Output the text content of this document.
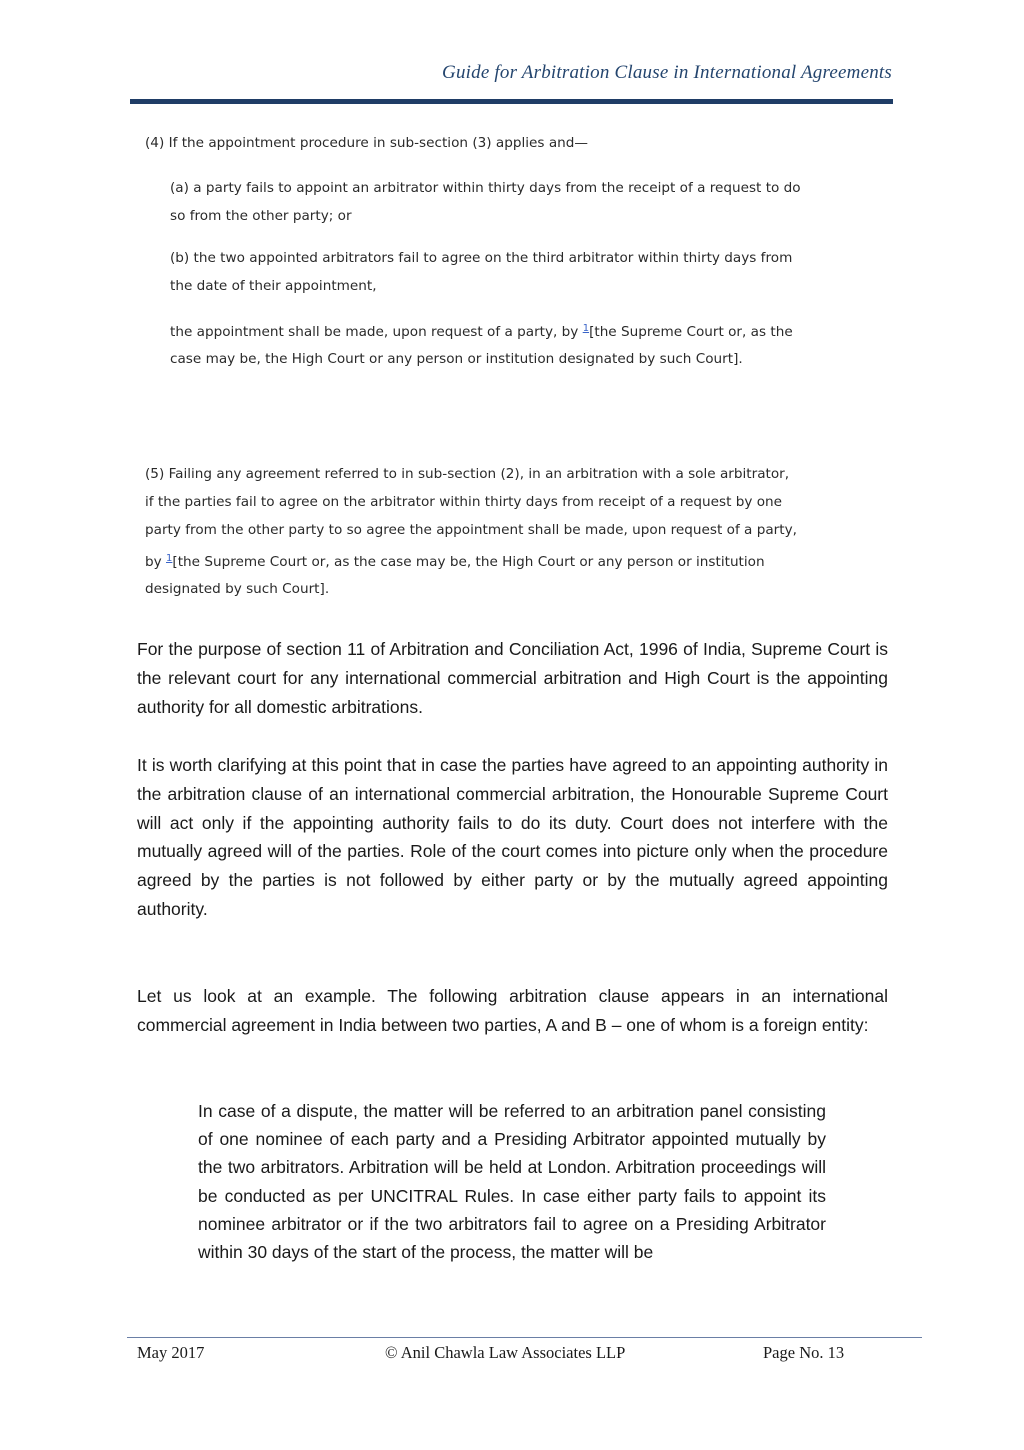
Guide for Arbitration Clause in International Agreements
(4) If the appointment procedure in sub-section (3) applies and—
(a) a party fails to appoint an arbitrator within thirty days from the receipt of a request to do
so from the other party; or
(b) the two appointed arbitrators fail to agree on the third arbitrator within thirty days from
the date of their appointment,
the appointment shall be made, upon request of a party, by $^1$[the Supreme Court or, as the
case may be, the High Court or any person or institution designated by such Court].
(5) Failing any agreement referred to in sub-section (2), in an arbitration with a sole arbitrator,
if the parties fail to agree on the arbitrator within thirty days from receipt of a request by one
party from the other party to so agree the appointment shall be made, upon request of a party,
by $^1$[the Supreme Court or, as the case may be, the High Court or any person or institution
designated by such Court].

For the purpose of section 11 of Arbitration and Conciliation Act, 1996 of India, Supreme Court is the relevant court for any international commercial arbitration and High Court is the appointing authority for all domestic arbitrations.

It is worth clarifying at this point that in case the parties have agreed to an appointing authority in the arbitration clause of an international commercial arbitration, the Honourable Supreme Court will act only if the appointing authority fails to do its duty. Court does not interfere with the mutually agreed will of the parties. Role of the court comes into picture only when the procedure agreed by the parties is not followed by either party or by the mutually agreed appointing authority.

Let us look at an example. The following arbitration clause appears in an international commercial agreement in India between two parties, A and B – one of whom is a foreign entity:

In case of a dispute, the matter will be referred to an arbitration panel consisting of one nominee of each party and a Presiding Arbitrator appointed mutually by the two arbitrators. Arbitration will be held at London. Arbitration proceedings will be conducted as per UNCITRAL Rules. In case either party fails to appoint its nominee arbitrator or if the two arbitrators fail to agree on a Presiding Arbitrator within 30 days of the start of the process, the matter will be

May 2017	© Anil Chawla Law Associates LLP	Page No. 13
